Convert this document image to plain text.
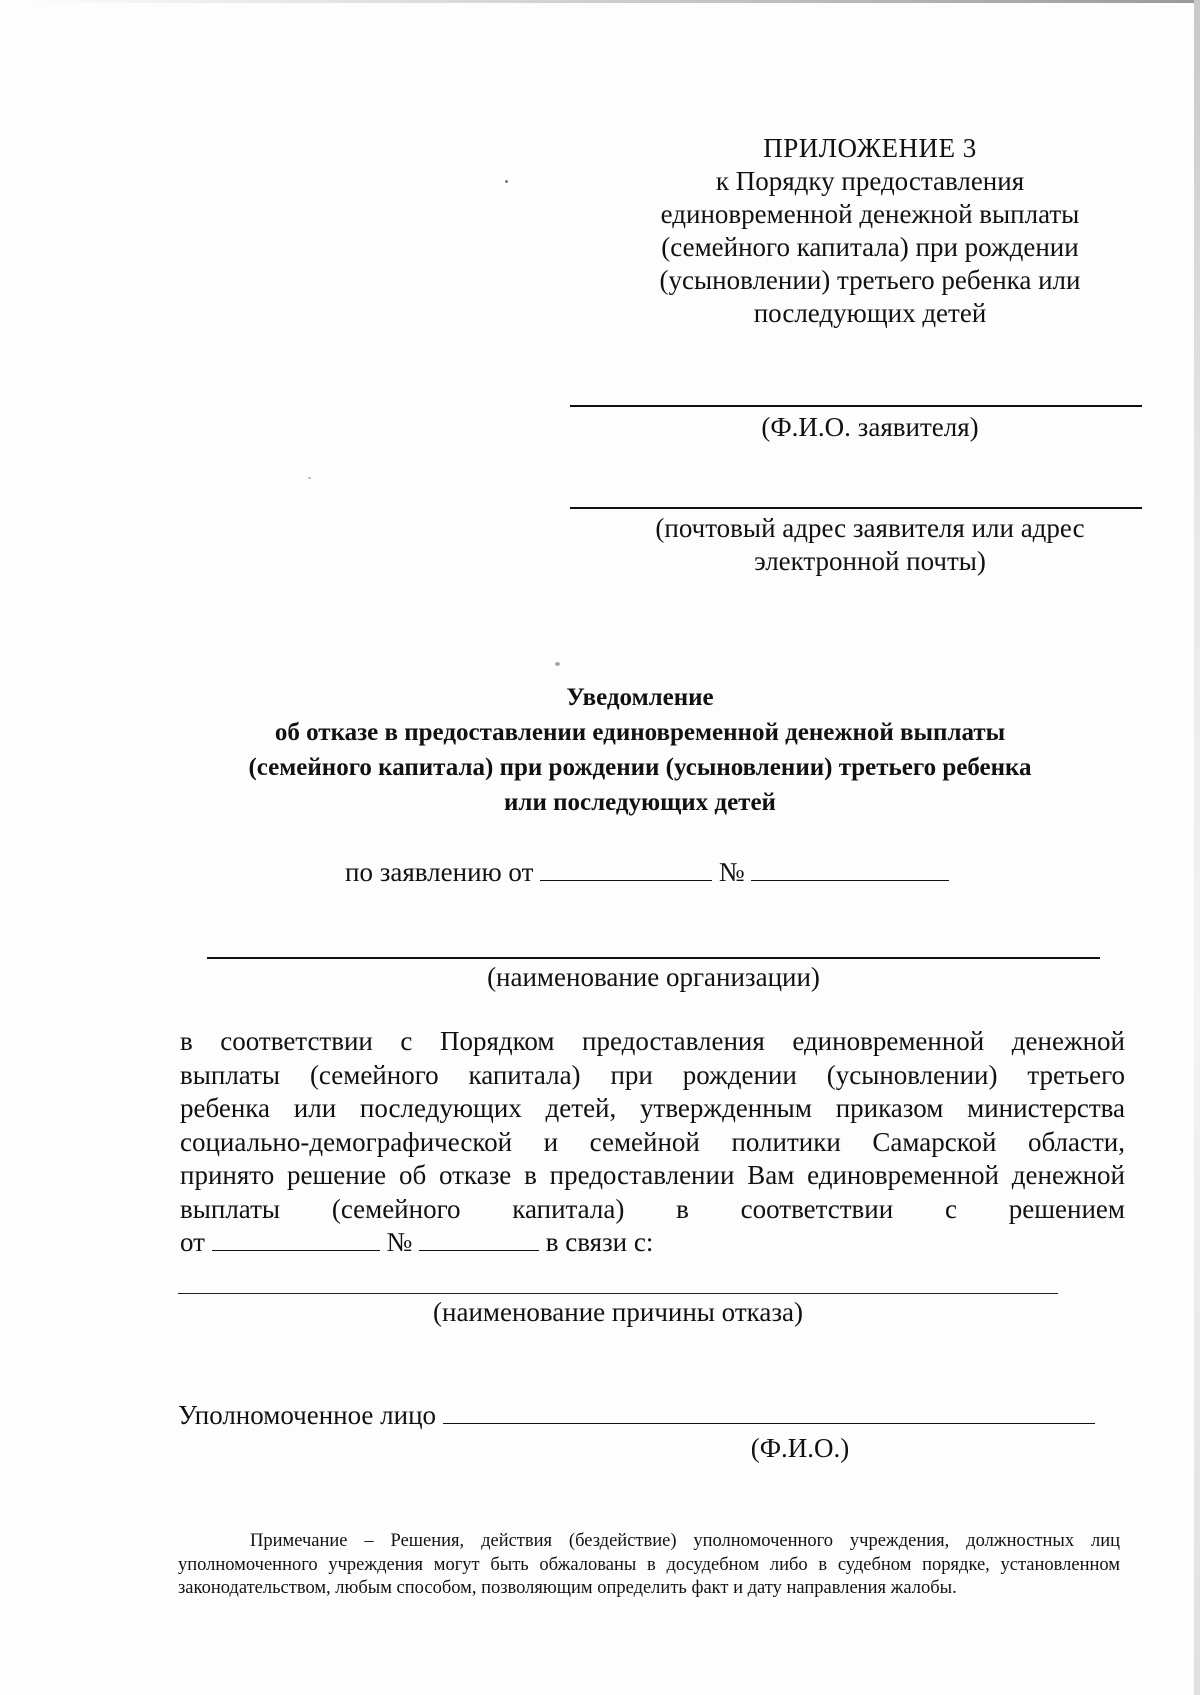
ПРИЛОЖЕНИЕ 3
к Порядку предоставления
единовременной денежной выплаты
(семейного капитала) при рождении
(усыновлении) третьего ребенка или
последующих детей
(Ф.И.О. заявителя)
(почтовый адрес заявителя или адрес
электронной почты)
Уведомление
об отказе в предоставлении единовременной денежной выплаты
(семейного капитала) при рождении (усыновлении) третьего ребенка
или последующих детей
по заявлению от	№
(наименование организации)
в соответствии с Порядком предоставления единовременной денежной
выплаты (семейного капитала) при рождении (усыновлении) третьего
ребенка или последующих детей, утвержденным приказом министерства
социально-демографической и семейной политики Самарской области,
принято решение об отказе в предоставлении Вам единовременной денежной
выплаты (семейного капитала) в соответствии с решением
от	№	в связи с:
(наименование причины отказа)
Уполномоченное лицо
(Ф.И.О.)
Примечание – Решения, действия (бездействие) уполномоченного учреждения, должностных лиц уполномоченного учреждения могут быть обжалованы в досудебном либо в судебном порядке, установленном законодательством, любым способом, позволяющим определить факт и дату направления жалобы.
